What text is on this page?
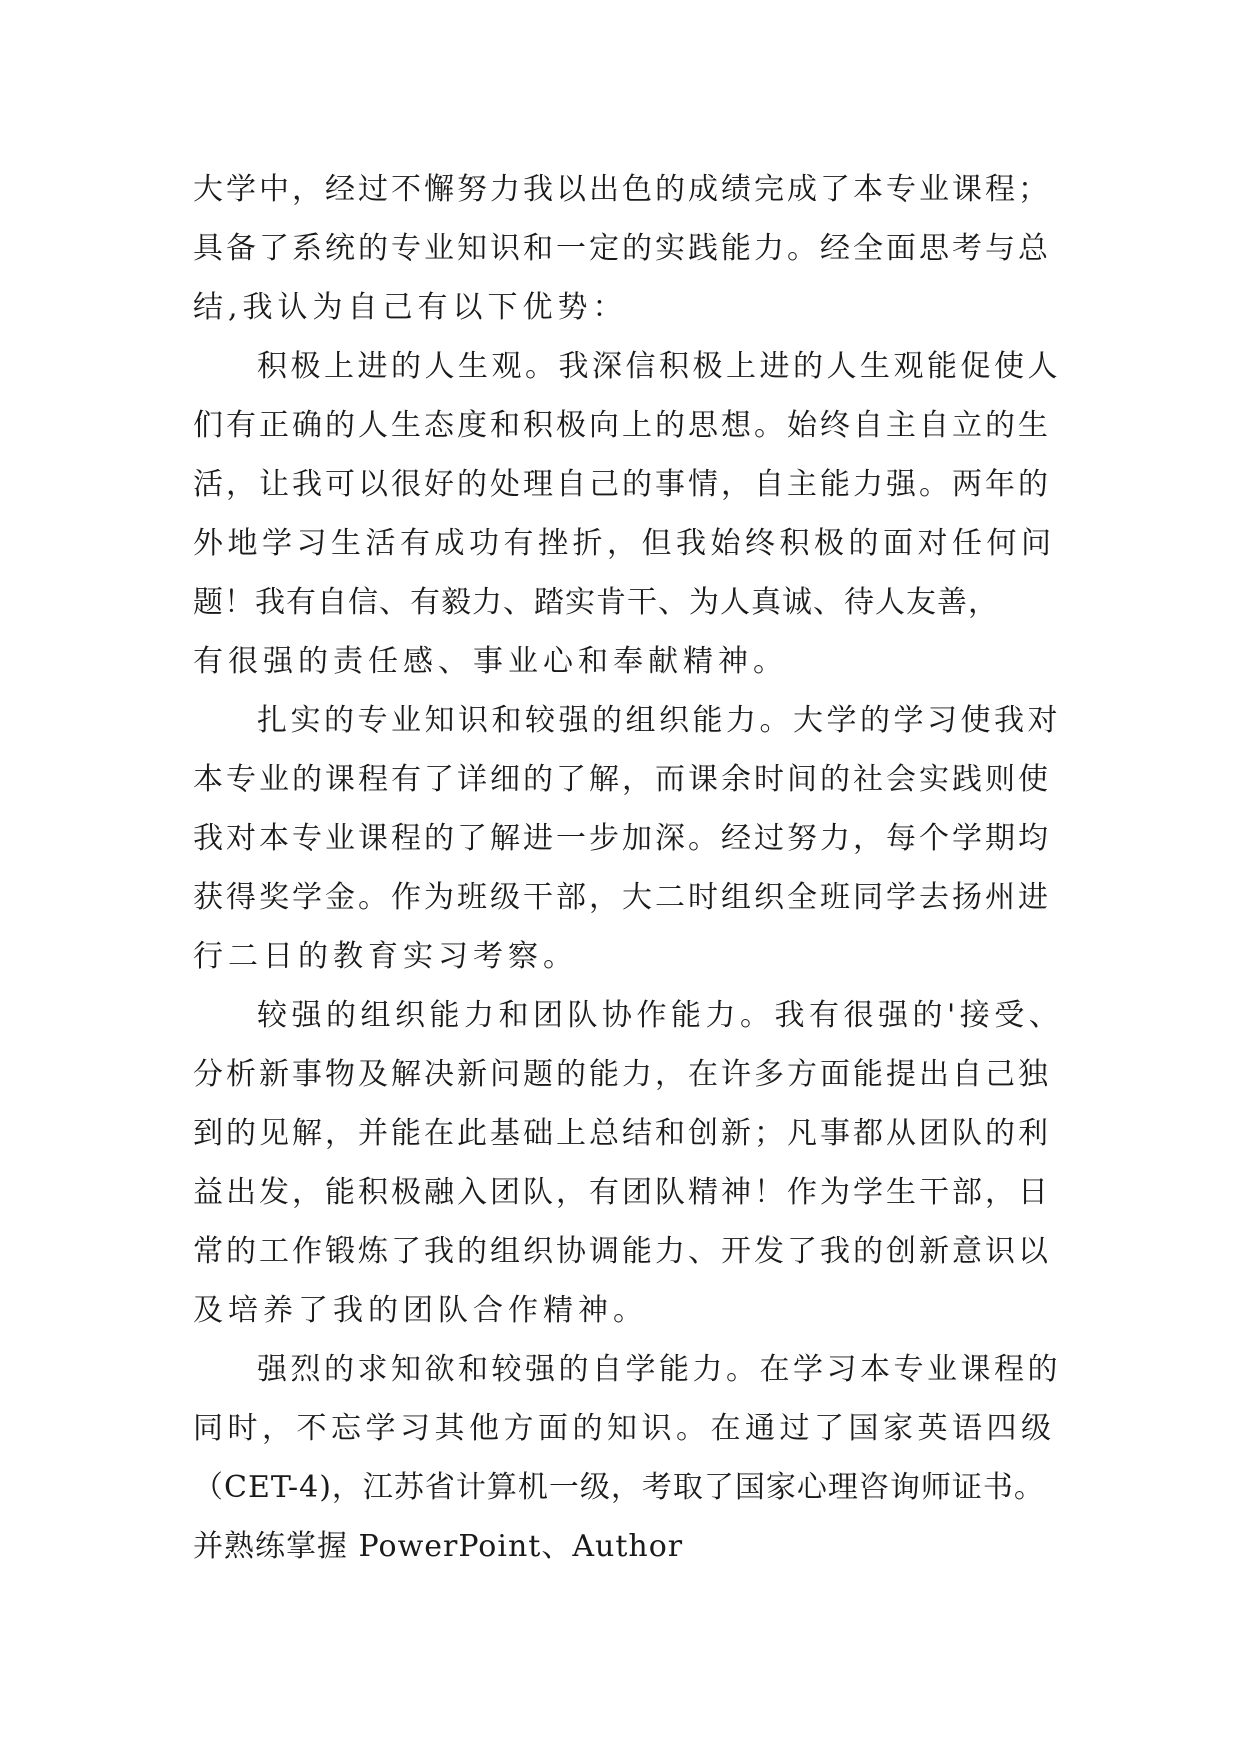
大学中，经过不懈努力我以出色的成绩完成了本专业课程；
具备了系统的专业知识和一定的实践能力。经全面思考与总
结,我认为自己有以下优势：
积极上进的人生观。我深信积极上进的人生观能促使人
们有正确的人生态度和积极向上的思想。始终自主自立的生
活，让我可以很好的处理自己的事情，自主能力强。两年的
外地学习生活有成功有挫折，但我始终积极的面对任何问
题！我有自信、有毅力、踏实肯干、为人真诚、待人友善，
有很强的责任感、事业心和奉献精神。
扎实的专业知识和较强的组织能力。大学的学习使我对
本专业的课程有了详细的了解，而课余时间的社会实践则使
我对本专业课程的了解进一步加深。经过努力，每个学期均
获得奖学金。作为班级干部，大二时组织全班同学去扬州进
行二日的教育实习考察。
较强的组织能力和团队协作能力。我有很强的'接受、
分析新事物及解决新问题的能力，在许多方面能提出自己独
到的见解，并能在此基础上总结和创新；凡事都从团队的利
益出发，能积极融入团队，有团队精神！作为学生干部，日
常的工作锻炼了我的组织协调能力、开发了我的创新意识以
及培养了我的团队合作精神。
强烈的求知欲和较强的自学能力。在学习本专业课程的
同时，不忘学习其他方面的知识。在通过了国家英语四级
（CET-4)，江苏省计算机一级，考取了国家心理咨询师证书。
并熟练掌握 PowerPoint、Author
